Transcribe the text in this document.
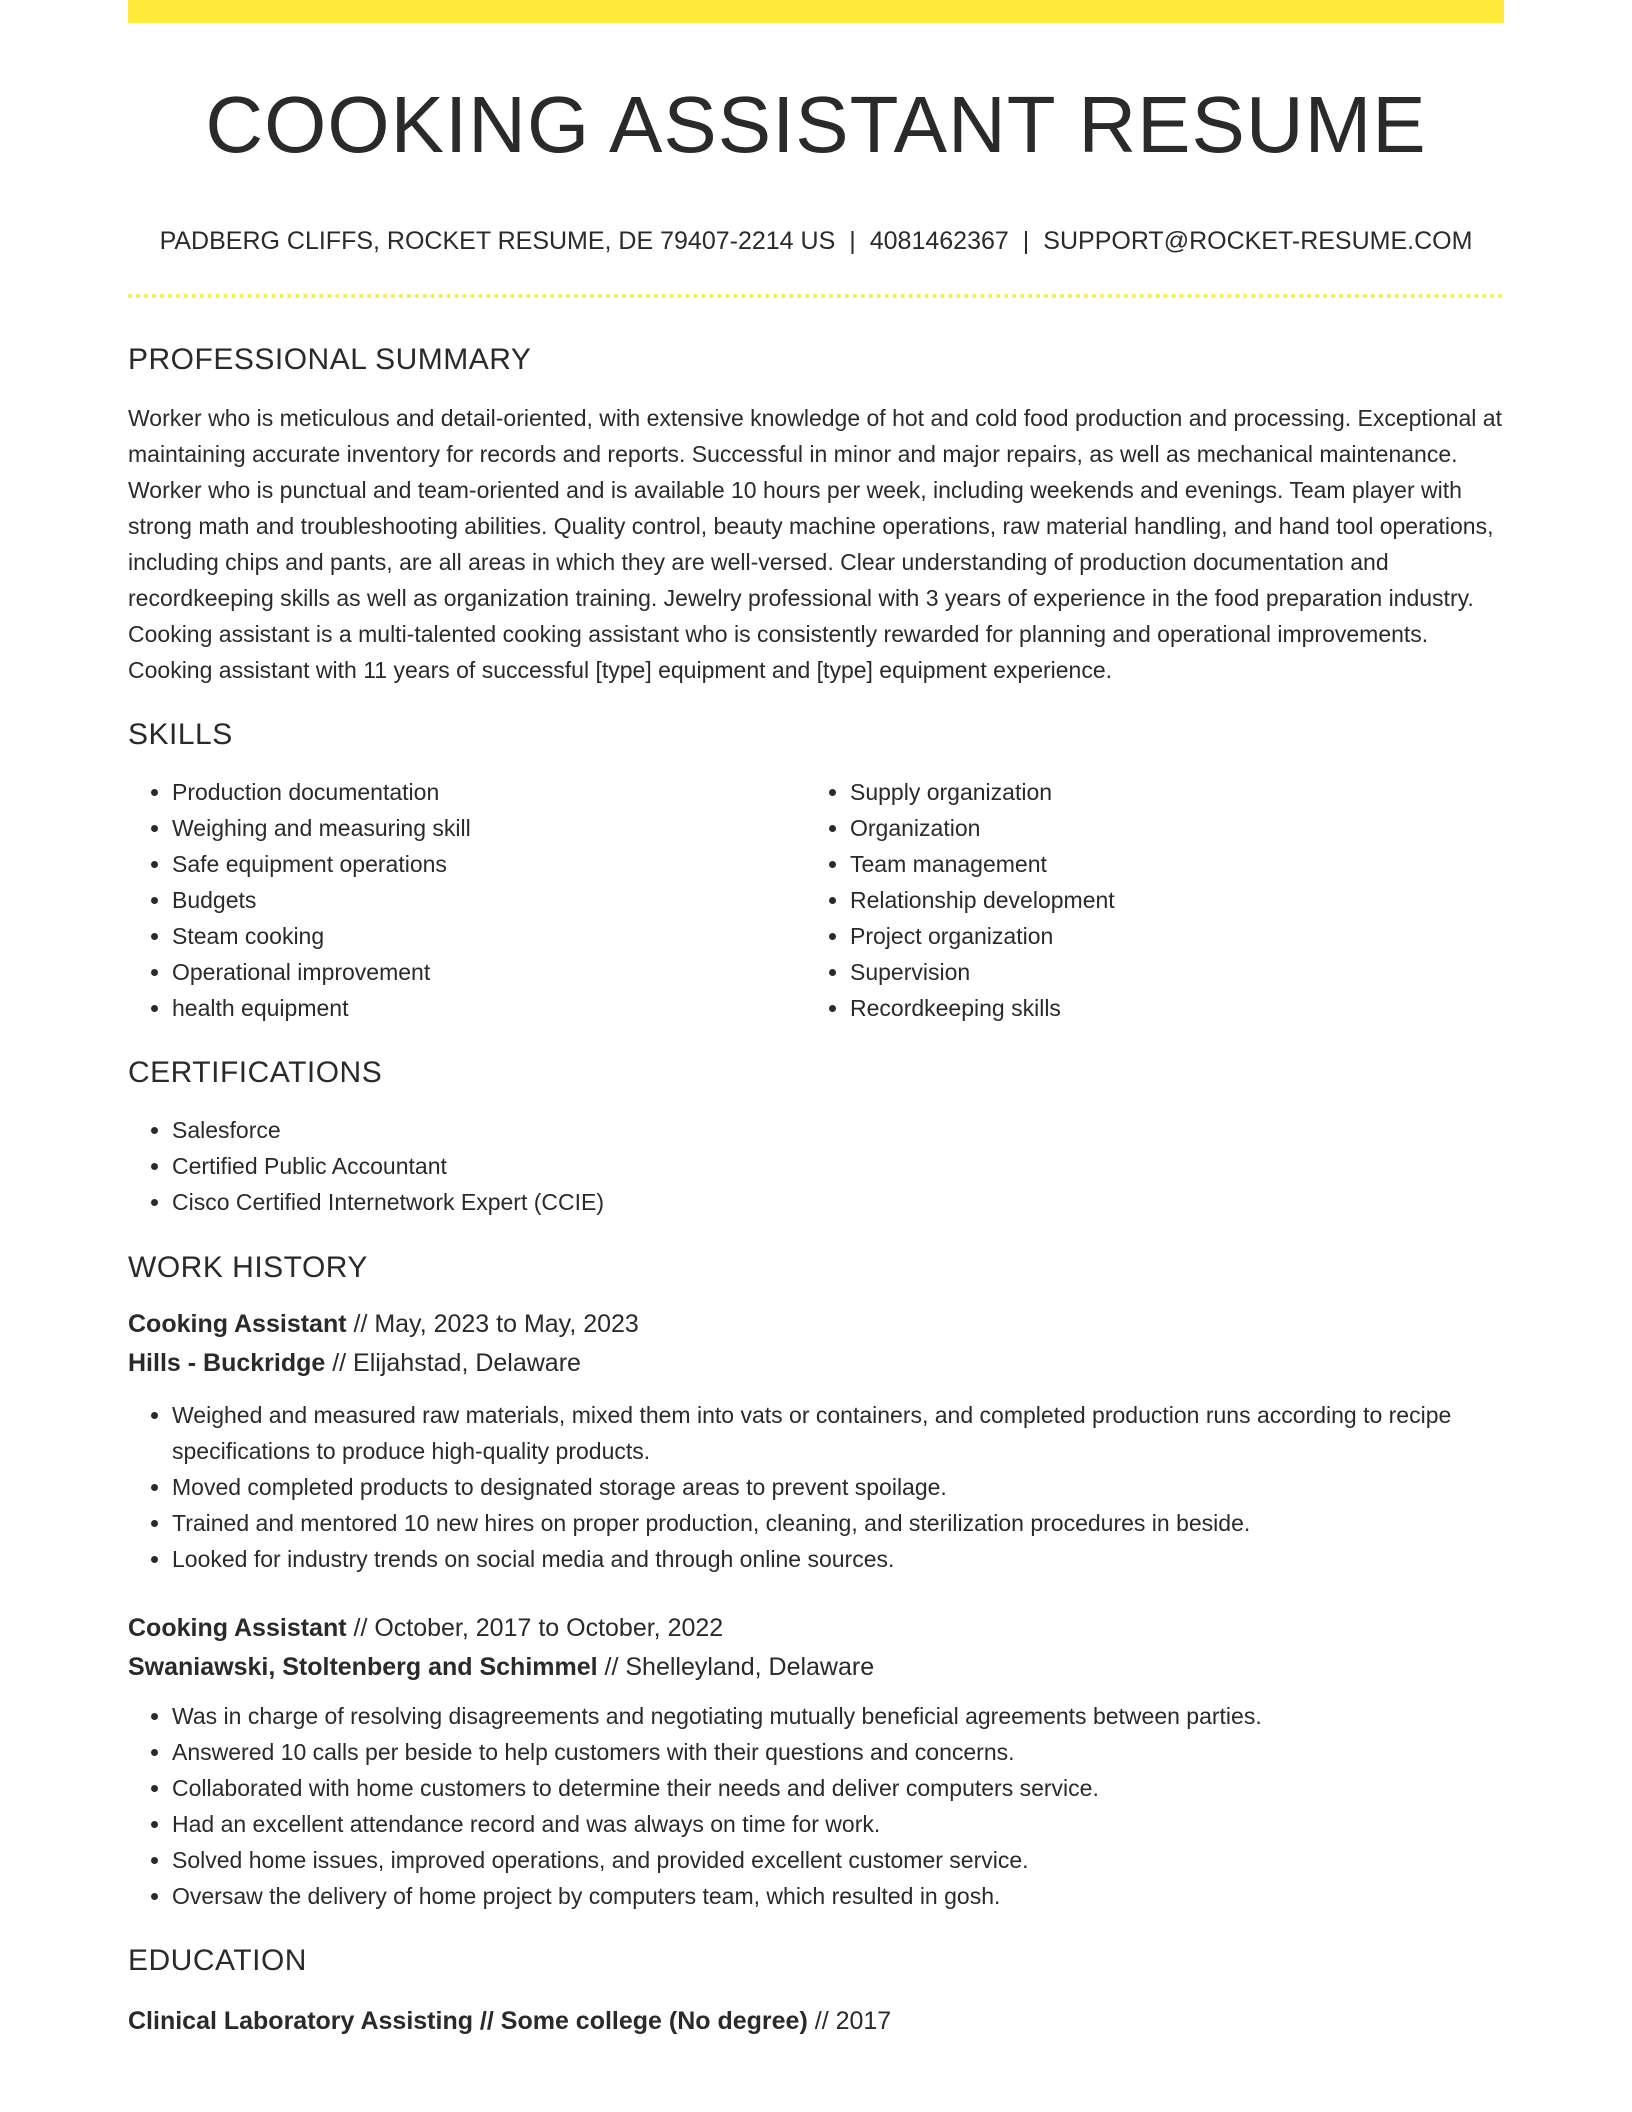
COOKING ASSISTANT RESUME
PADBERG CLIFFS, ROCKET RESUME, DE 79407-2214 US | 4081462367 | SUPPORT@ROCKET-RESUME.COM
PROFESSIONAL SUMMARY

Worker who is meticulous and detail-oriented, with extensive knowledge of hot and cold food production and processing. Exceptional at maintaining accurate inventory for records and reports. Successful in minor and major repairs, as well as mechanical maintenance. Worker who is punctual and team-oriented and is available 10 hours per week, including weekends and evenings. Team player with strong math and troubleshooting abilities. Quality control, beauty machine operations, raw material handling, and hand tool operations, including chips and pants, are all areas in which they are well-versed. Clear understanding of production documentation and recordkeeping skills as well as organization training. Jewelry professional with 3 years of experience in the food preparation industry. Cooking assistant is a multi-talented cooking assistant who is consistently rewarded for planning and operational improvements. Cooking assistant with 11 years of successful [type] equipment and [type] equipment experience.

SKILLS
• Production documentation
• Weighing and measuring skill
• Safe equipment operations
• Budgets
• Steam cooking
• Operational improvement
• health equipment
• Supply organization
• Organization
• Team management
• Relationship development
• Project organization
• Supervision
• Recordkeeping skills
CERTIFICATIONS
• Salesforce
• Certified Public Accountant
• Cisco Certified Internetwork Expert (CCIE)
WORK HISTORY

Cooking Assistant // May, 2023 to May, 2023

Hills - Buckridge // Elijahstad, Delaware

• Weighed and measured raw materials, mixed them into vats or containers, and completed production runs according to recipe specifications to produce high-quality products.
• Moved completed products to designated storage areas to prevent spoilage.
• Trained and mentored 10 new hires on proper production, cleaning, and sterilization procedures in beside.
• Looked for industry trends on social media and through online sources.

Cooking Assistant // October, 2017 to October, 2022

Swaniawski, Stoltenberg and Schimmel // Shelleyland, Delaware

• Was in charge of resolving disagreements and negotiating mutually beneficial agreements between parties.
• Answered 10 calls per beside to help customers with their questions and concerns.
• Collaborated with home customers to determine their needs and deliver computers service.
• Had an excellent attendance record and was always on time for work.
• Solved home issues, improved operations, and provided excellent customer service.
• Oversaw the delivery of home project by computers team, which resulted in gosh.
EDUCATION

Clinical Laboratory Assisting // Some college (No degree) // 2017
